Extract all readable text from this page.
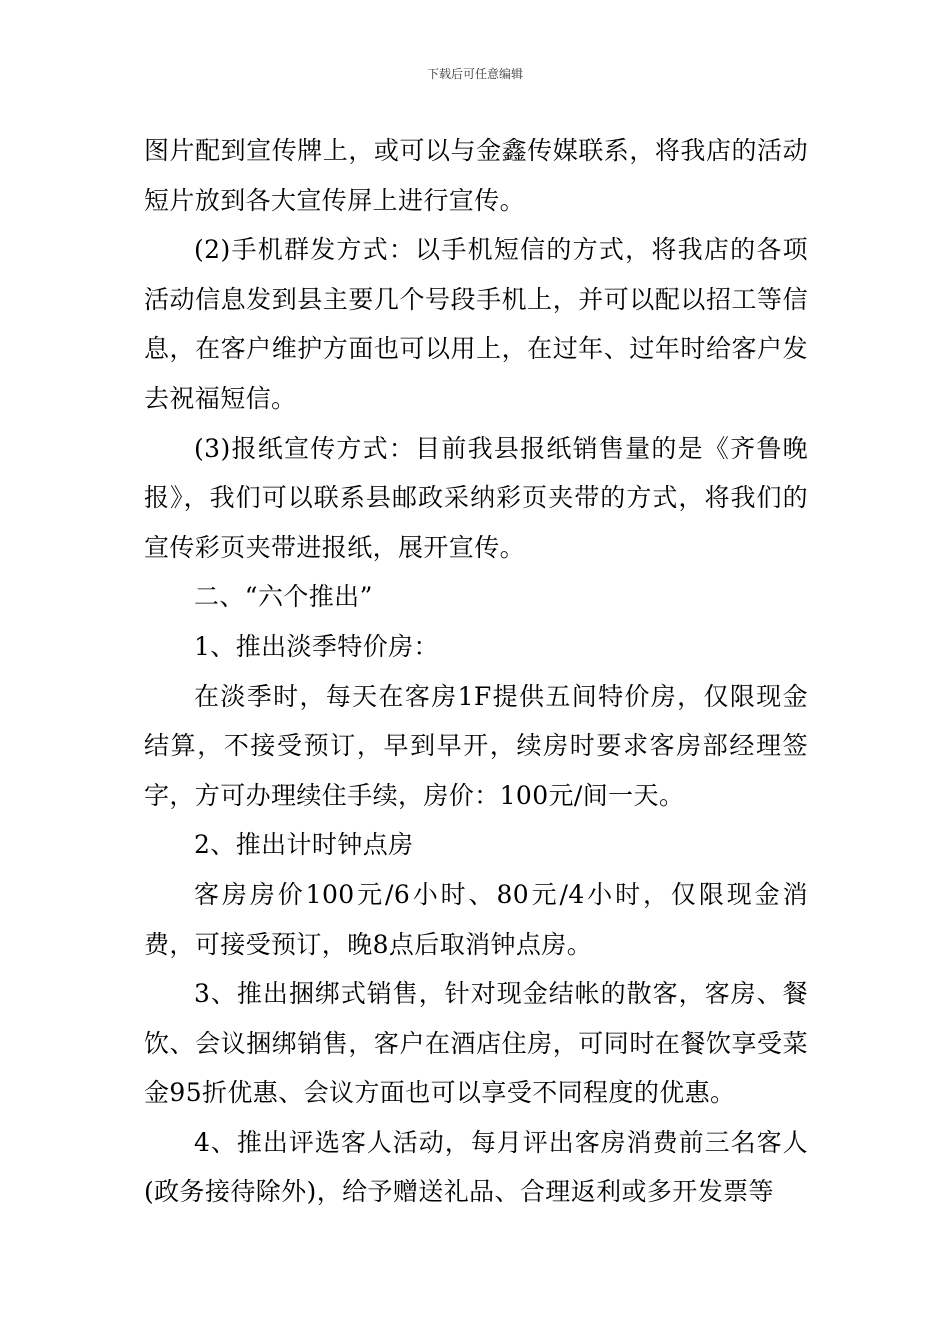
下载后可任意编辑

图片配到宣传牌上，或可以与金鑫传媒联系，将我店的活动短片放到各大宣传屏上进行宣传。

(2)手机群发方式：以手机短信的方式，将我店的各项活动信息发到县主要几个号段手机上，并可以配以招工等信息，在客户维护方面也可以用上，在过年、过年时给客户发去祝福短信。

(3)报纸宣传方式：目前我县报纸销售量的是《齐鲁晚报》，我们可以联系县邮政采纳彩页夹带的方式，将我们的宣传彩页夹带进报纸，展开宣传。

二、“六个推出”

1、推出淡季特价房：

在淡季时，每天在客房1F提供五间特价房，仅限现金结算，不接受预订，早到早开，续房时要求客房部经理签字，方可办理续住手续，房价：100元/间一天。

2、推出计时钟点房

客房房价100元/6小时、80元/4小时，仅限现金消费，可接受预订，晚8点后取消钟点房。

3、推出捆绑式销售，针对现金结帐的散客，客房、餐饮、会议捆绑销售，客户在酒店住房，可同时在餐饮享受菜金95折优惠、会议方面也可以享受不同程度的优惠。

4、推出评选客人活动，每月评出客房消费前三名客人(政务接待除外)，给予赠送礼品、合理返利或多开发票等
